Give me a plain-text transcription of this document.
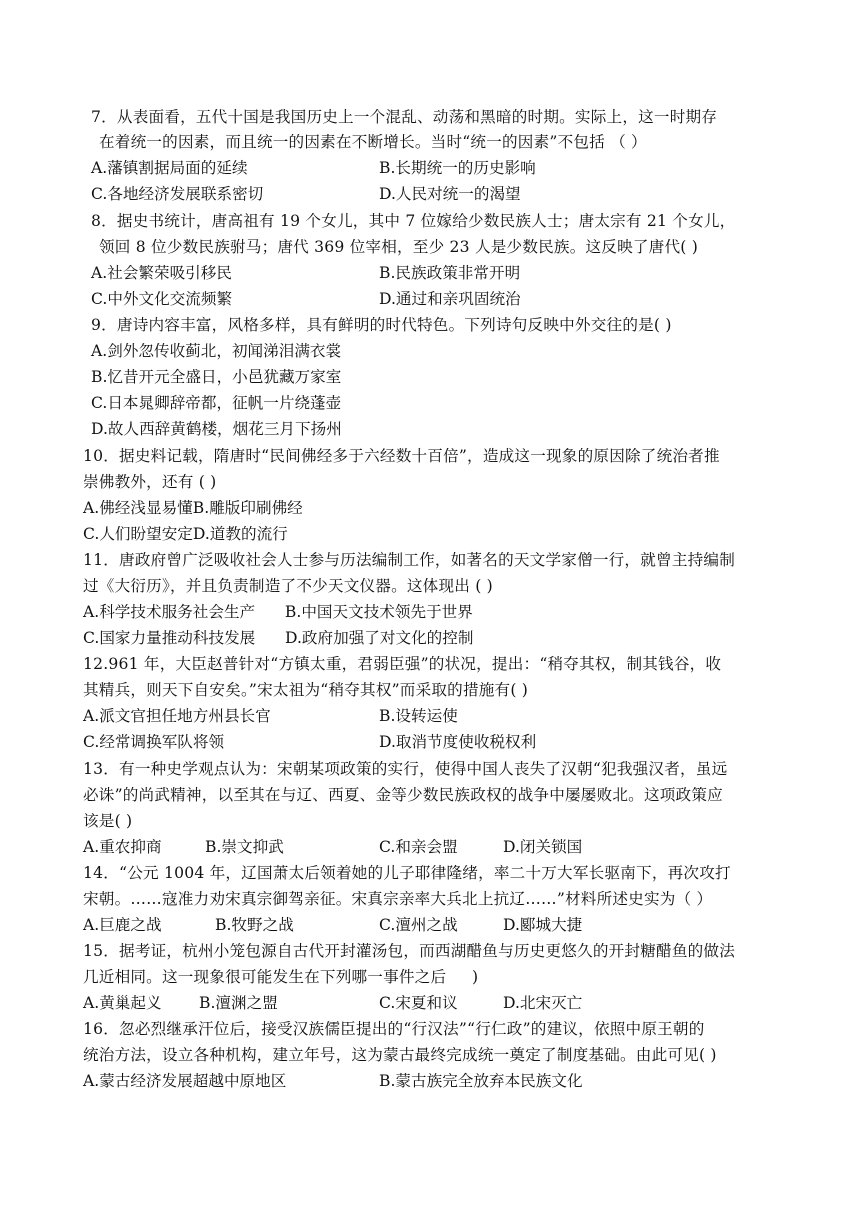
7．从表面看，五代十国是我国历史上一个混乱、动荡和黑暗的时期。实际上，这一时期存

在着统一的因素，而且统一的因素在不断增长。当时“统一的因素”不包括 （ ）

A.藩镇割据局面的延续	B.长期统一的历史影响

C.各地经济发展联系密切	D.人民对统一的渴望

8．据史书统计，唐高祖有 19 个女儿，其中 7 位嫁给少数民族人士；唐太宗有 21 个女儿，

领回 8 位少数民族驸马；唐代 369 位宰相，至少 23 人是少数民族。这反映了唐代( )

A.社会繁荣吸引移民	B.民族政策非常开明

C.中外文化交流频繁	D.通过和亲巩固统治

9．唐诗内容丰富，风格多样，具有鲜明的时代特色。下列诗句反映中外交往的是( )

A.剑外忽传收蓟北，初闻涕泪满衣裳

B.忆昔开元全盛日，小邑犹藏万家室

C.日本晁卿辞帝都，征帆一片绕蓬壶

D.故人西辞黄鹤楼，烟花三月下扬州

10．据史料记载，隋唐时“民间佛经多于六经数十百倍”，造成这一现象的原因除了统治者推

崇佛教外，还有 ( )

A.佛经浅显易懂B.雕版印刷佛经

C.人们盼望安定D.道教的流行

11．唐政府曾广泛吸收社会人士参与历法编制工作，如著名的天文学家僧一行，就曾主持编制

过《大衍历》，并且负责制造了不少天文仪器。这体现出 ( )

A.科学技术服务社会生产      B.中国天文技术领先于世界

C.国家力量推动科技发展      D.政府加强了对文化的控制

12.961 年，大臣赵普针对“方镇太重，君弱臣强”的状况，提出：“稍夺其权，制其钱谷，收

其精兵，则天下自安矣。”宋太祖为“稍夺其权”而采取的措施有( )

A.派文官担任地方州县长官	B.设转运使

C.经常调换军队将领	D.取消节度使收税权利

13．有一种史学观点认为：宋朝某项政策的实行，使得中国人丧失了汉朝“犯我强汉者，虽远

必诛”的尚武精神，以至其在与辽、西夏、金等少数民族政权的战争中屡屡败北。这项政策应

该是( )

A.重农抑商	B.崇文抑武	C.和亲会盟	D.闭关锁国

14．“公元 1004 年，辽国萧太后领着她的儿子耶律隆绪，率二十万大军长驱南下，再次攻打

宋朝。……寇准力劝宋真宗御驾亲征。宋真宗亲率大兵北上抗辽……”材料所述史实为（ ）

A.巨鹿之战	B.牧野之战	C.澶州之战	D.郾城大捷

15．据考证，杭州小笼包源自古代开封灌汤包，而西湖醋鱼与历史更悠久的开封糖醋鱼的做法

几近相同。这一现象很可能发生在下列哪一事件之后     )

A.黄巢起义 B.澶渊之盟	C.宋夏和议	D.北宋灭亡

16．忽必烈继承汗位后，接受汉族儒臣提出的“行汉法”“行仁政”的建议，依照中原王朝的

统治方法，设立各种机构，建立年号，这为蒙古最终完成统一奠定了制度基础。由此可见( )

A.蒙古经济发展超越中原地区	B.蒙古族完全放弃本民族文化
